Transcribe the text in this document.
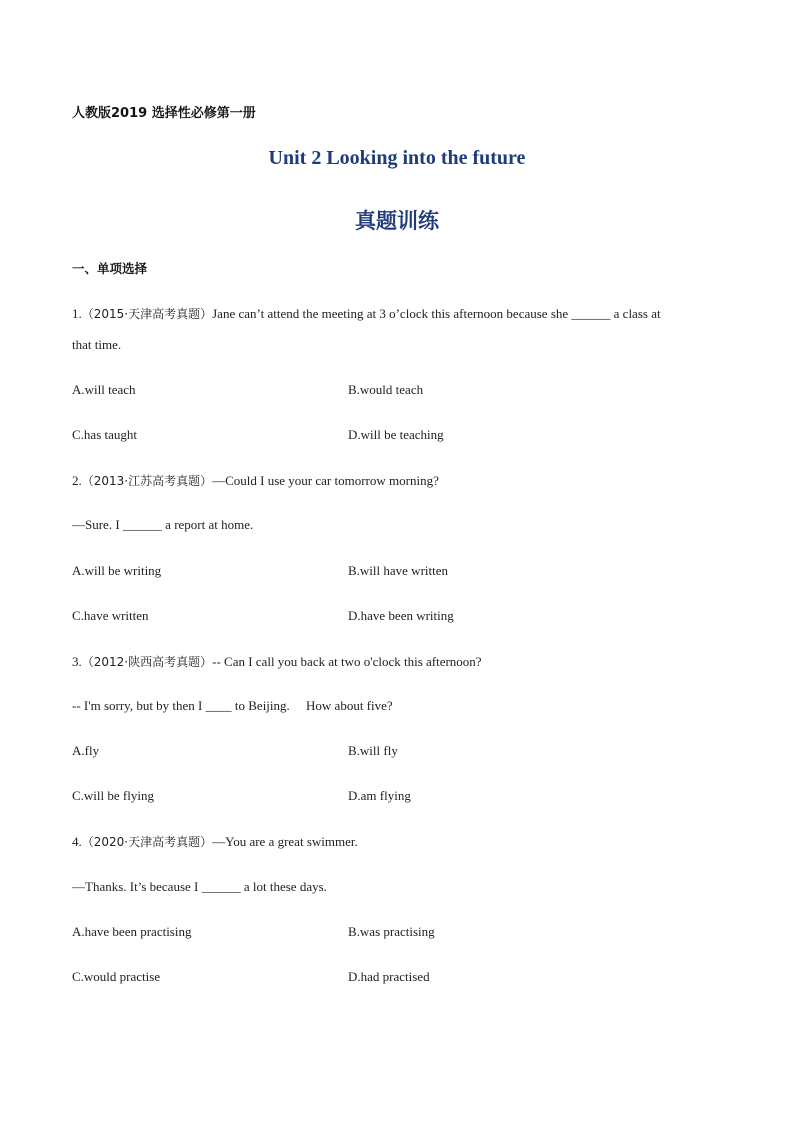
人教版2019 选择性必修第一册
Unit 2 Looking into the future
真题训练
一、单项选择
1.（2015·天津高考真题）Jane can’t attend the meeting at 3 o’clock this afternoon because she ______ a class at
that time.
A.will teach	B.would teach
C.has taught	D.will be teaching
2.（2013·江苏高考真题）—Could I use your car tomorrow morning?
—Sure. I ______ a report at home.
A.will be writing	B.will have written
C.have written	D.have been writing
3.（2012·陕西高考真题）-- Can I call you back at two o'clock this afternoon?
-- I'm sorry, but by then I ____ to Beijing.     How about five?
A.fly	B.will fly
C.will be flying	D.am flying
4.（2020·天津高考真题）—You are a great swimmer.
—Thanks. It’s because I ______ a lot these days.
A.have been practising	B.was practising
C.would practise	D.had practised
